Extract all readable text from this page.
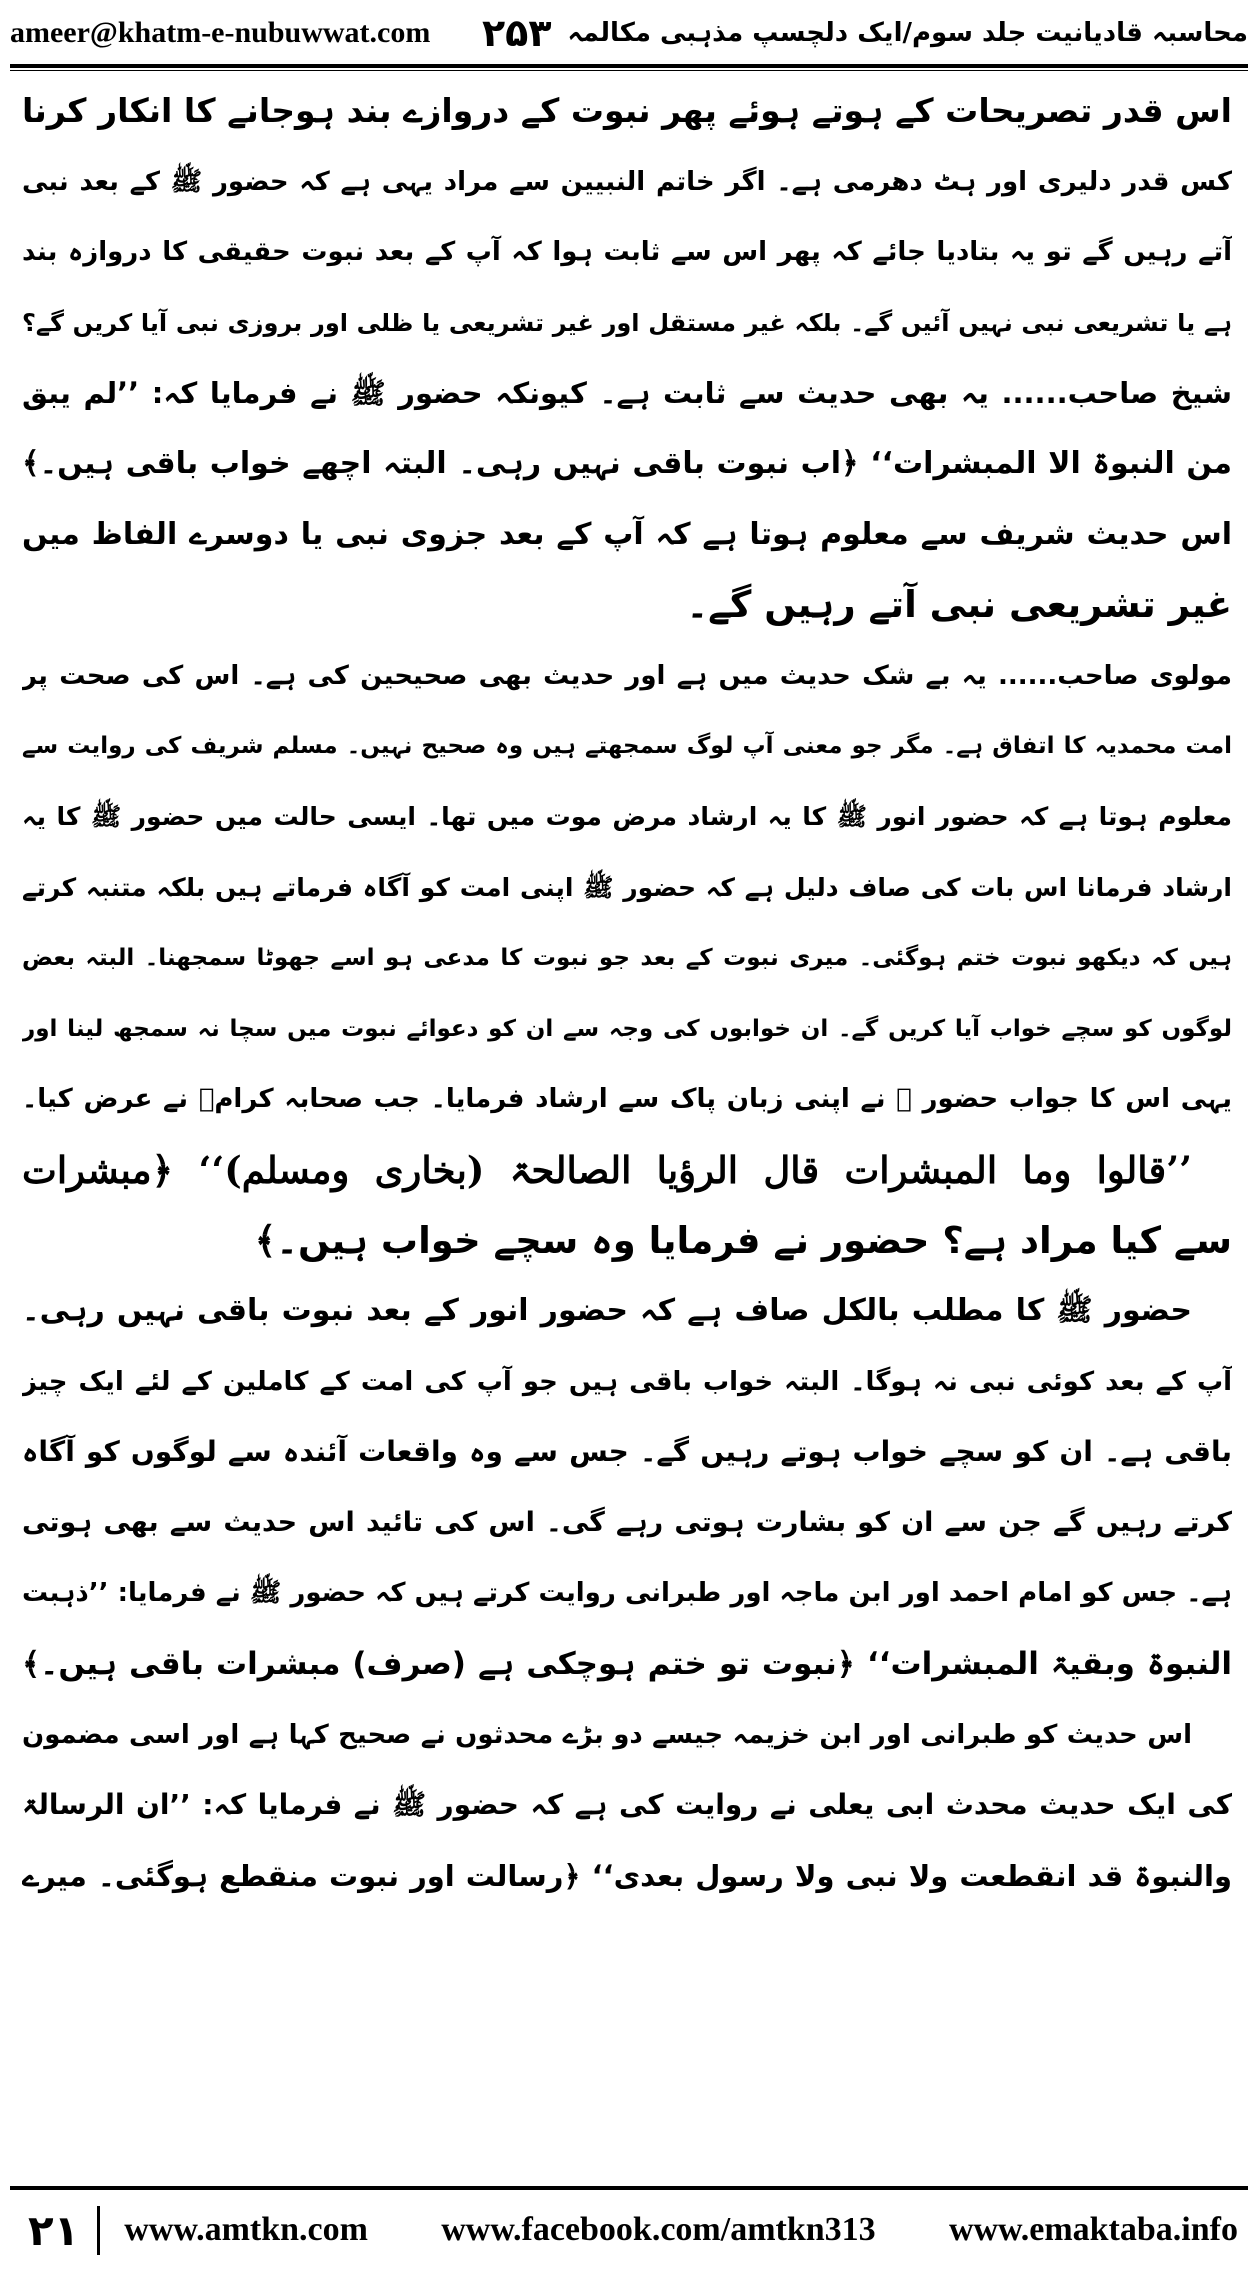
ameer@khatm-e-nubuwwat.com	محاسبہ قادیانیت جلد سوم/ایک دلچسپ مذہبی مکالمہ
۲۵۳
اس قدر تصریحات کے ہوتے ہوئے پھر نبوت کے دروازے بند ہوجانے کا انکار کرنا
کس قدر دلیری اور ہٹ دھرمی ہے۔ اگر خاتم النبیین سے مراد یہی ہے کہ حضور ﷺ کے بعد نبی
آتے رہیں گے تو یہ بتادیا جائے کہ پھر اس سے ثابت ہوا کہ آپ کے بعد نبوت حقیقی کا دروازہ بند
ہے یا تشریعی نبی نہیں آئیں گے۔ بلکہ غیر مستقل اور غیر تشریعی یا ظلی اور بروزی نبی آیا کریں گے؟
شیخ صاحب...... یہ بھی حدیث سے ثابت ہے۔ کیونکہ حضور ﷺ نے فرمایا کہ: ’’لم یبق
من النبوۃ الا المبشرات‘‘ ﴿اب نبوت باقی نہیں رہی۔ البتہ اچھے خواب باقی ہیں۔﴾
اس حدیث شریف سے معلوم ہوتا ہے کہ آپ کے بعد جزوی نبی یا دوسرے الفاظ میں
غیر تشریعی نبی آتے رہیں گے۔
مولوی صاحب...... یہ بے شک حدیث میں ہے اور حدیث بھی صحیحین کی ہے۔ اس کی صحت پر
امت محمدیہ کا اتفاق ہے۔ مگر جو معنی آپ لوگ سمجھتے ہیں وہ صحیح نہیں۔ مسلم شریف کی روایت سے
معلوم ہوتا ہے کہ حضور انور ﷺ کا یہ ارشاد مرض موت میں تھا۔ ایسی حالت میں حضور ﷺ کا یہ
ارشاد فرمانا اس بات کی صاف دلیل ہے کہ حضور ﷺ اپنی امت کو آگاہ فرماتے ہیں بلکہ متنبہ کرتے
ہیں کہ دیکھو نبوت ختم ہوگئی۔ میری نبوت کے بعد جو نبوت کا مدعی ہو اسے جھوٹا سمجھنا۔ البتہ بعض
لوگوں کو سچے خواب آیا کریں گے۔ ان خوابوں کی وجہ سے ان کو دعوائے نبوت میں سچا نہ سمجھ لینا اور
یہی اس کا جواب حضور ﷺ نے اپنی زبان پاک سے ارشاد فرمایا۔ جب صحابہ کرامؓ نے عرض کیا۔
’’قالوا وما المبشرات قال الرؤیا الصالحۃ (بخاری ومسلم)‘‘ ﴿مبشرات
سے کیا مراد ہے؟ حضور نے فرمایا وہ سچے خواب ہیں۔﴾
حضور ﷺ کا مطلب بالکل صاف ہے کہ حضور انور کے بعد نبوت باقی نہیں رہی۔
آپ کے بعد کوئی نبی نہ ہوگا۔ البتہ خواب باقی ہیں جو آپ کی امت کے کاملین کے لئے ایک چیز
باقی ہے۔ ان کو سچے خواب ہوتے رہیں گے۔ جس سے وہ واقعات آئندہ سے لوگوں کو آگاہ
کرتے رہیں گے جن سے ان کو بشارت ہوتی رہے گی۔ اس کی تائید اس حدیث سے بھی ہوتی
ہے۔ جس کو امام احمد اور ابن ماجہ اور طبرانی روایت کرتے ہیں کہ حضور ﷺ نے فرمایا: ’’ذہبت
النبوۃ وبقیۃ المبشرات‘‘ ﴿نبوت تو ختم ہوچکی ہے (صرف) مبشرات باقی ہیں۔﴾
اس حدیث کو طبرانی اور ابن خزیمہ جیسے دو بڑے محدثوں نے صحیح کہا ہے اور اسی مضمون
کی ایک حدیث محدث ابی یعلی نے روایت کی ہے کہ حضور ﷺ نے فرمایا کہ: ’’ان الرسالۃ
والنبوۃ قد انقطعت ولا نبی ولا رسول بعدی‘‘ ﴿رسالت اور نبوت منقطع ہوگئی۔ میرے
۲۱	www.amtkn.com www.facebook.com/amtkn313 www.emaktaba.info
